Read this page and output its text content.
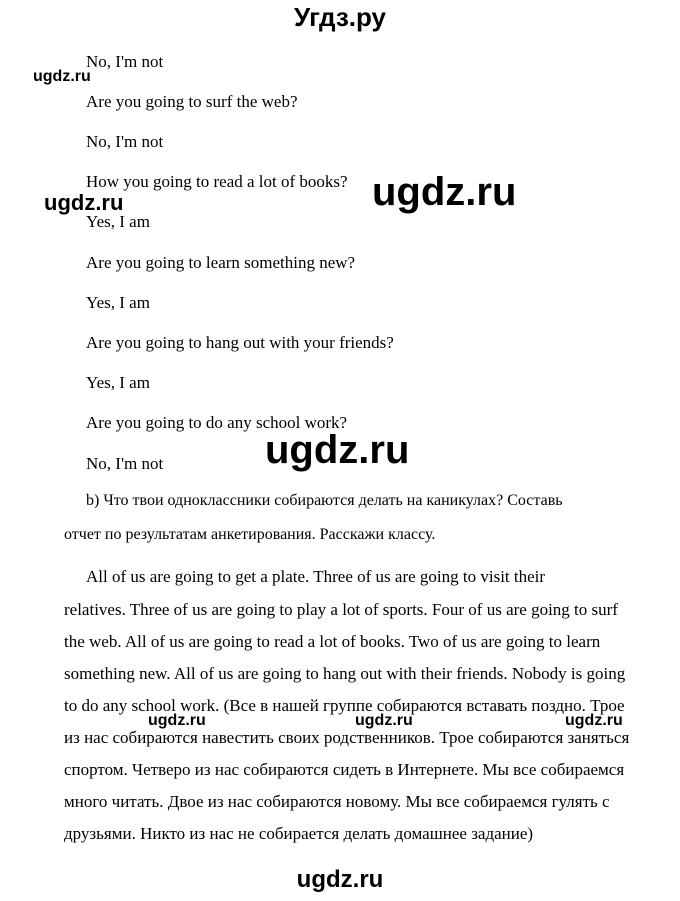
Угдз.ру
ugdz.ru
No, I'm not
Are you going to surf the web?
No, I'm not
How you going to read a lot of books?
ugdz.ru	ugdz.ru
Yes, I am
Are you going to learn something new?
Yes, I am
Are you going to hang out with your friends?
Yes, I am
Are you going to do any school work?
ugdz.ru
No, I'm not
b) Что твои одноклассники собираются делать на каникулах? Составь
отчет по результатам анкетирования. Расскажи классу.
All of us are going to get a plate. Three of us are going to visit their
relatives. Three of us are going to play a lot of sports. Four of us are going to surf
the web. All of us are going to read a lot of books. Two of us are going to learn
something new. All of us are going to hang out with their friends. Nobody is going
to do any school work. (Все в нашей группе собираются вставать поздно. Трое
ugdz.ru	ugdz.ru	ugdz.ru
из нас собираются навестить своих родственников. Трое собираются заняться
спортом. Четверо из нас собираются сидеть в Интернете. Мы все собираемся
много читать. Двое из нас собираются новому. Мы все собираемся гулять с
друзьями. Никто из нас не собирается делать домашнее задание)
ugdz.ru
